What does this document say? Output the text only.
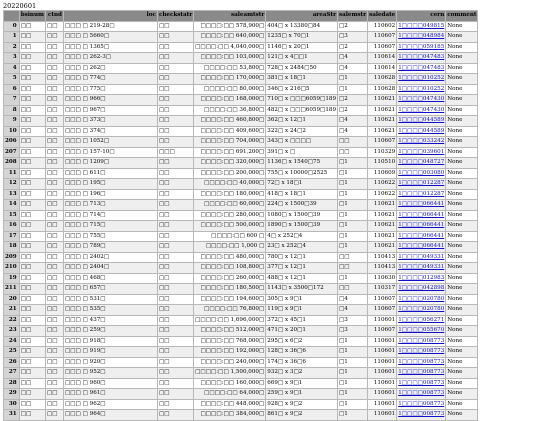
20220601
	bsinum	ctnd	loc	checkstatr	saleamtstr	areaStr	salemstr	saledate	cern	comment
0	□□	□□	□□□ □ 219-28□	□□	□□□□:□□ 578,900□	404□ x 13380□84	□2	110602	1□□□□049815	None
1	□□	□□	□□□ □ 5660□	□□	□□□□:□□ 640,000□	1235□ x 70□1	□3	110607	1□□□□048984	None
2	□□	□□	□□□ □ 1365□	□□	□□□□:□□ 4,040,000□	1146□ x 20□1	□2	110607	1□□□□059185	None
3	□□	□□	□□□ □ 262-3□	□□	□□□□:□□ 103,000□	121□ x 4□□1	□4	110614	1□□□□047483	None
4	□□	□□	□□□ □ 262□	□□	□□□□:□□ 53,800□	728□ x 2484□50	□4	110614	1□□□□047483	None
5	□□	□□	□□□ □ 774□	□□	□□□□:□□ 170,000□	381□ x 18□1	□1	110628	1□□□□010252	None
6	□□	□□	□□□ □ 775□	□□	□□□□:□□ 80,000□	346□ x 216□5	□1	110628	1□□□□010252	None
7	□□	□□	□□□ □ 966□	□□	□□□□:□□ 168,000□	710□ x □□□6059□189	□2	110621	1□□□□047430	None
8	□□	□□	□□□ □ 967□	□□	□□□□:□□ 36,800□	482□ x □□□6059□189	□2	110621	1□□□□047430	None
9	□□	□□	□□□ □ 373□	□□	□□□□:□□ 460,800□	362□ x 12□1	□4	110621	1□□□□044589	None
10	□□	□□	□□□ □ 374□	□□	□□□□:□□ 409,600□	322□ x 24□2	□4	110621	1□□□□044589	None
206	□□	□□	□□□ □ 1052□	□□	□□□□:□□ 704,000□	343□ x □□□□	□□	110607	1□□□□033242	None
207	□□	□□	□□□ □ 157-10□	□□□	□□□□:□□ 691,200□	391□ x □	□□	110329	1□□□□039601	None
208	□□	□□	□□□ □ 1209□	□□	□□□□:□□ 320,000□	1136□ x 1540□75	□1	110510	1□□□□048727	None
11	□□	□□	□□□ □ 611□	□□	□□□□:□□ 200,000□	755□ x 10000□2525	□1	110609	1□□□□003080	None
12	□□	□□	□□□ □ 195□	□□	□□□□:□□ 40,000□	72□ x 18□1	□1	110622	1□□□□012287	None
13	□□	□□	□□□ □ 196□	□□	□□□□:□□ 180,000□	418□ x 18□1	□1	110622	1□□□□012287	None
14	□□	□□	□□□ □ 713□	□□	□□□□:□□ 60,000□	224□ x 1500□39	□1	110621	1□□□□066441	None
15	□□	□□	□□□ □ 714□	□□	□□□□:□□ 280,000□	1080□ x 1500□39	□1	110621	1□□□□066441	None
16	□□	□□	□□□ □ 715□	□□	□□□□:□□ 500,000□	1890□ x 1500□39	□1	110621	1□□□□066441	None
17	□□	□□	□□□ □ 755□	□□	□□□□:□□ 600 □	4□ x 252□4	□1	110621	1□□□□066441	None
18	□□	□□	□□□ □ 789□	□□	□□□□:□□ 1,000 □	23□ x 252□4	□1	110621	1□□□□066441	None
209	□□	□□	□□□ □ 2402□	□□	□□□□:□□ 480,000□	780□ x 12□1	□□	110413	1□□□□049331	None
210	□□	□□	□□□ □ 2404□	□□	□□□□:□□ 108,800□	377□ x 12□1	□□	110413	1□□□□049331	None
19	□□	□□	□□□ □ 468□	□□	□□□□:□□ 260,000□	488□ x 12□1	□1	110630	1□□□□012983	None
211	□□	□□	□□□ □ 657□	□□	□□□□:□□ 180,500□	1143□ x 3500□172	□□	110317	1□□□□042898	None
20	□□	□□	□□□ □ 531□	□□	□□□□:□□ 194,600□	305□ x 9□1	□4	110607	1□□□□020780	None
21	□□	□□	□□□ □ 535□	□□	□□□□:□□ 76,800□	119□ x 9□1	□4	110607	1□□□□020780	None
22	□□	□□	□□□ □ 437□	□□	□□□□:□□ 1,696,000□	372□ x 45□1	□3	110601	1□□□□056271	None
23	□□	□□	□□□ □ 259□	□□	□□□□:□□ 512,000□	471□ x 20□1	□3	110607	1□□□□055670	None
24	□□	□□	□□□ □ 918□	□□	□□□□:□□ 768,000□	295□ x 6□2	□1	110601	1□□□□008773	None
25	□□	□□	□□□ □ 919□	□□	□□□□:□□ 192,000□	128□ x 36□6	□1	110601	1□□□□008773	None
26	□□	□□	□□□ □ 920□	□□	□□□□:□□ 240,000□	174□ x 36□6	□1	110601	1□□□□008773	None
27	□□	□□	□□□ □ 952□	□□	□□□□:□□ 1,500,000□	932□ x 3□2	□1	110601	1□□□□008773	None
28	□□	□□	□□□ □ 960□	□□	□□□□:□□ 160,000□	669□ x 9□1	□1	110601	1□□□□008773	None
29	□□	□□	□□□ □ 961□	□□	□□□□:□□ 64,000□	259□ x 9□1	□1	110601	1□□□□008773	None
30	□□	□□	□□□ □ 962□	□□	□□□□:□□ 448,000□	928□ x 9□2	□1	110601	1□□□□008773	None
31	□□	□□	□□□ □ 964□	□□	□□□□:□□ 384,000□	861□ x 9□2	□1	110601	1□□□□008773	None
